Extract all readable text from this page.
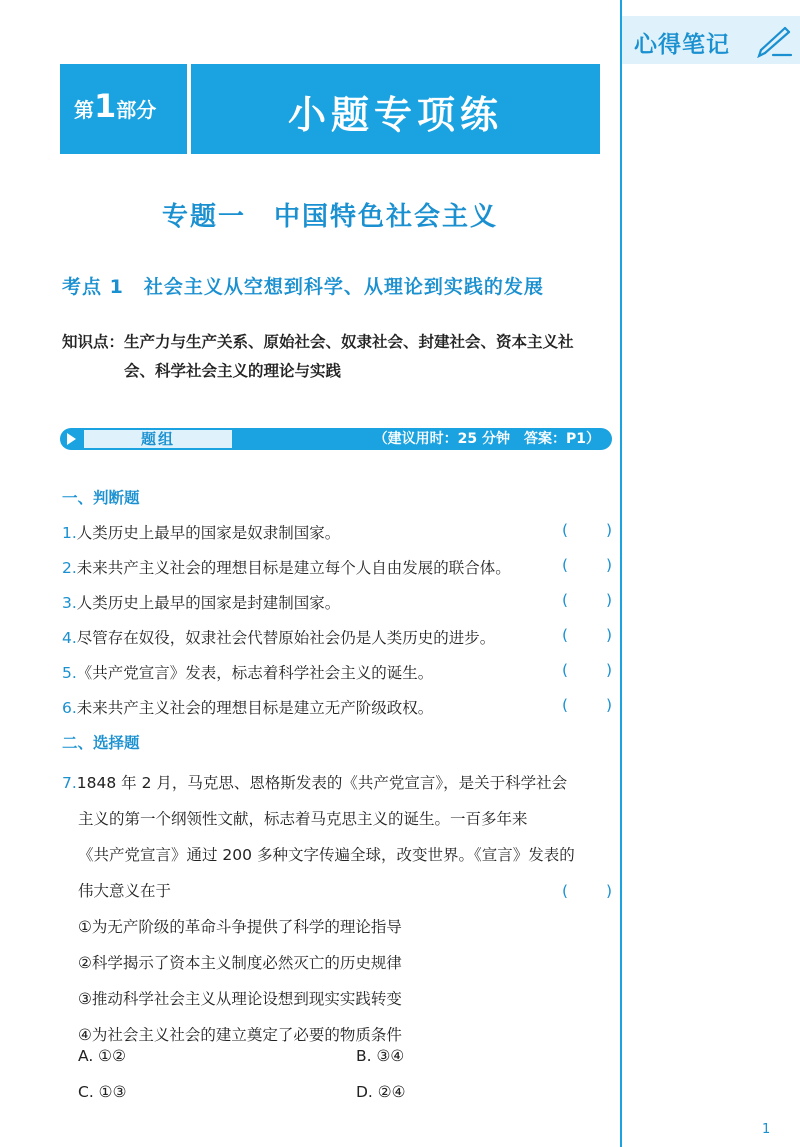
第1部分	小题专项练
专题一　中国特色社会主义
考点 1　社会主义从空想到科学、从理论到实践的发展
知识点：生产力与生产关系、原始社会、奴隶社会、封建社会、资本主义社
会、科学社会主义的理论与实践
题组	（建议用时：25 分钟　答案：P1）
一、判断题
1.人类历史上最早的国家是奴隶制国家。	( )
2.未来共产主义社会的理想目标是建立每个人自由发展的联合体。	( )
3.人类历史上最早的国家是封建制国家。	( )
4.尽管存在奴役，奴隶社会代替原始社会仍是人类历史的进步。	( )
5.《共产党宣言》发表，标志着科学社会主义的诞生。	( )
6.未来共产主义社会的理想目标是建立无产阶级政权。	( )
二、选择题
7.1848 年 2 月，马克思、恩格斯发表的《共产党宣言》，是关于科学社会
主义的第一个纲领性文献，标志着马克思主义的诞生。一百多年来
《共产党宣言》通过 200 多种文字传遍全球，改变世界。《宣言》发表的
伟大意义在于	( )
①为无产阶级的革命斗争提供了科学的理论指导
②科学揭示了资本主义制度必然灭亡的历史规律
③推动科学社会主义从理论设想到现实实践转变
④为社会主义社会的建立奠定了必要的物质条件
A. ①②	B. ③④
C. ①③	D. ②④
心得笔记
1
